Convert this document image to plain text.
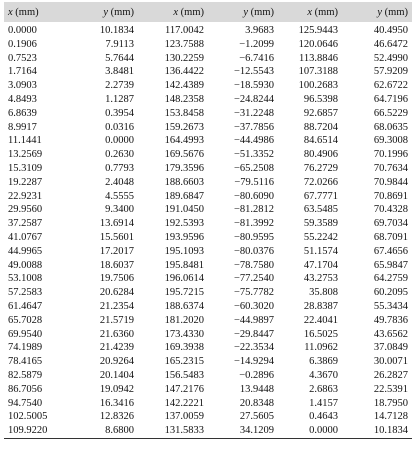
x (mm)	y (mm)	x (mm)	y (mm)	x (mm)	y (mm)
0.0000	10.1834	117.0042	3.9683	125.9443	40.4950
0.1906	7.9113	123.7588	−1.2099	120.0646	46.6472
0.7523	5.7644	130.2259	−6.7416	113.8846	52.4990
1.7164	3.8481	136.4422	−12.5543	107.3188	57.9209
3.0903	2.2739	142.4389	−18.5930	100.2683	62.6722
4.8493	1.1287	148.2358	−24.8244	96.5398	64.7196
6.8639	0.3954	153.8458	−31.2248	92.6857	66.5229
8.9917	0.0316	159.2673	−37.7856	88.7204	68.0635
11.1441	0.0000	164.4993	−44.4986	84.6514	69.3008
13.2569	0.2630	169.5676	−51.3352	80.4906	70.1996
15.3109	0.7793	179.3596	−65.2508	76.2729	70.7634
19.2287	2.4048	188.6603	−79.5116	72.0266	70.9844
22.9231	4.5555	189.6847	−80.6090	67.7771	70.8691
29.9560	9.3400	191.0450	−81.2812	63.5485	70.4328
37.2587	13.6914	192.5393	−81.3992	59.3589	69.7034
41.0767	15.5601	193.9596	−80.9595	55.2242	68.7091
44.9965	17.2017	195.1093	−80.0376	51.1574	67.4656
49.0088	18.6037	195.8481	−78.7580	47.1704	65.9847
53.1008	19.7506	196.0614	−77.2540	43.2753	64.2759
57.2583	20.6284	195.7215	−75.7782	35.808	60.2095
61.4647	21.2354	188.6374	−60.3020	28.8387	55.3434
65.7028	21.5719	181.2020	−44.9897	22.4041	49.7836
69.9540	21.6360	173.4330	−29.8447	16.5025	43.6562
74.1989	21.4239	169.3938	−22.3534	11.0962	37.0849
78.4165	20.9264	165.2315	−14.9294	6.3869	30.0071
82.5879	20.1404	156.5483	−0.2896	4.3670	26.2827
86.7056	19.0942	147.2176	13.9448	2.6863	22.5391
94.7540	16.3416	142.2221	20.8348	1.4157	18.7950
102.5005	12.8326	137.0059	27.5605	0.4643	14.7128
109.9220	8.6800	131.5833	34.1209	0.0000	10.1834
